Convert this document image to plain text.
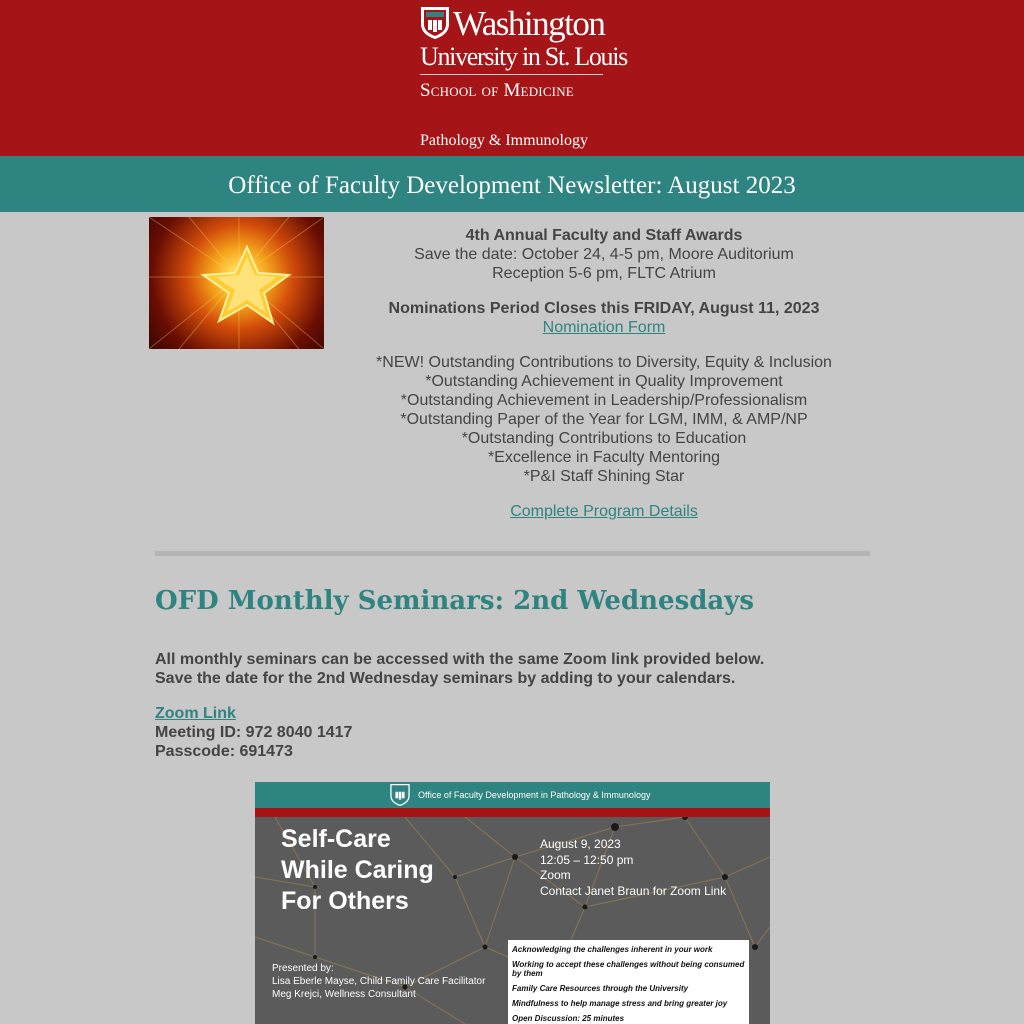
Washington
University in St. Louis
School of Medicine
Pathology & Immunology
Office of Faculty Development Newsletter: August 2023

4th Annual Faculty and Staff Awards
Save the date: October 24, 4-5 pm, Moore Auditorium
Reception 5-6 pm, FLTC Atrium

Nominations Period Closes this FRIDAY, August 11, 2023
Nomination Form

*NEW! Outstanding Contributions to Diversity, Equity & Inclusion
*Outstanding Achievement in Quality Improvement
*Outstanding Achievement in Leadership/Professionalism
*Outstanding Paper of the Year for LGM, IMM, & AMP/NP
*Outstanding Contributions to Education
*Excellence in Faculty Mentoring
*P&I Staff Shining Star

Complete Program Details

OFD Monthly Seminars: 2nd Wednesdays

All monthly seminars can be accessed with the same Zoom link provided below.
Save the date for the 2nd Wednesday seminars by adding to your calendars.

Zoom Link
Meeting ID: 972 8040 1417
Passcode: 691473

Office of Faculty Development in Pathology & Immunology
Self-Care
While Caring
For Others
August 9, 2023
12:05 – 12:50 pm
Zoom
Contact Janet Braun for Zoom Link
Presented by:
Lisa Eberle Mayse, Child Family Care Facilitator
Meg Krejci, Wellness Consultant
Acknowledging the challenges inherent in your work
Working to accept these challenges without being consumed by them
Family Care Resources through the University
Mindfulness to help manage stress and bring greater joy
Open Discussion: 25 minutes
